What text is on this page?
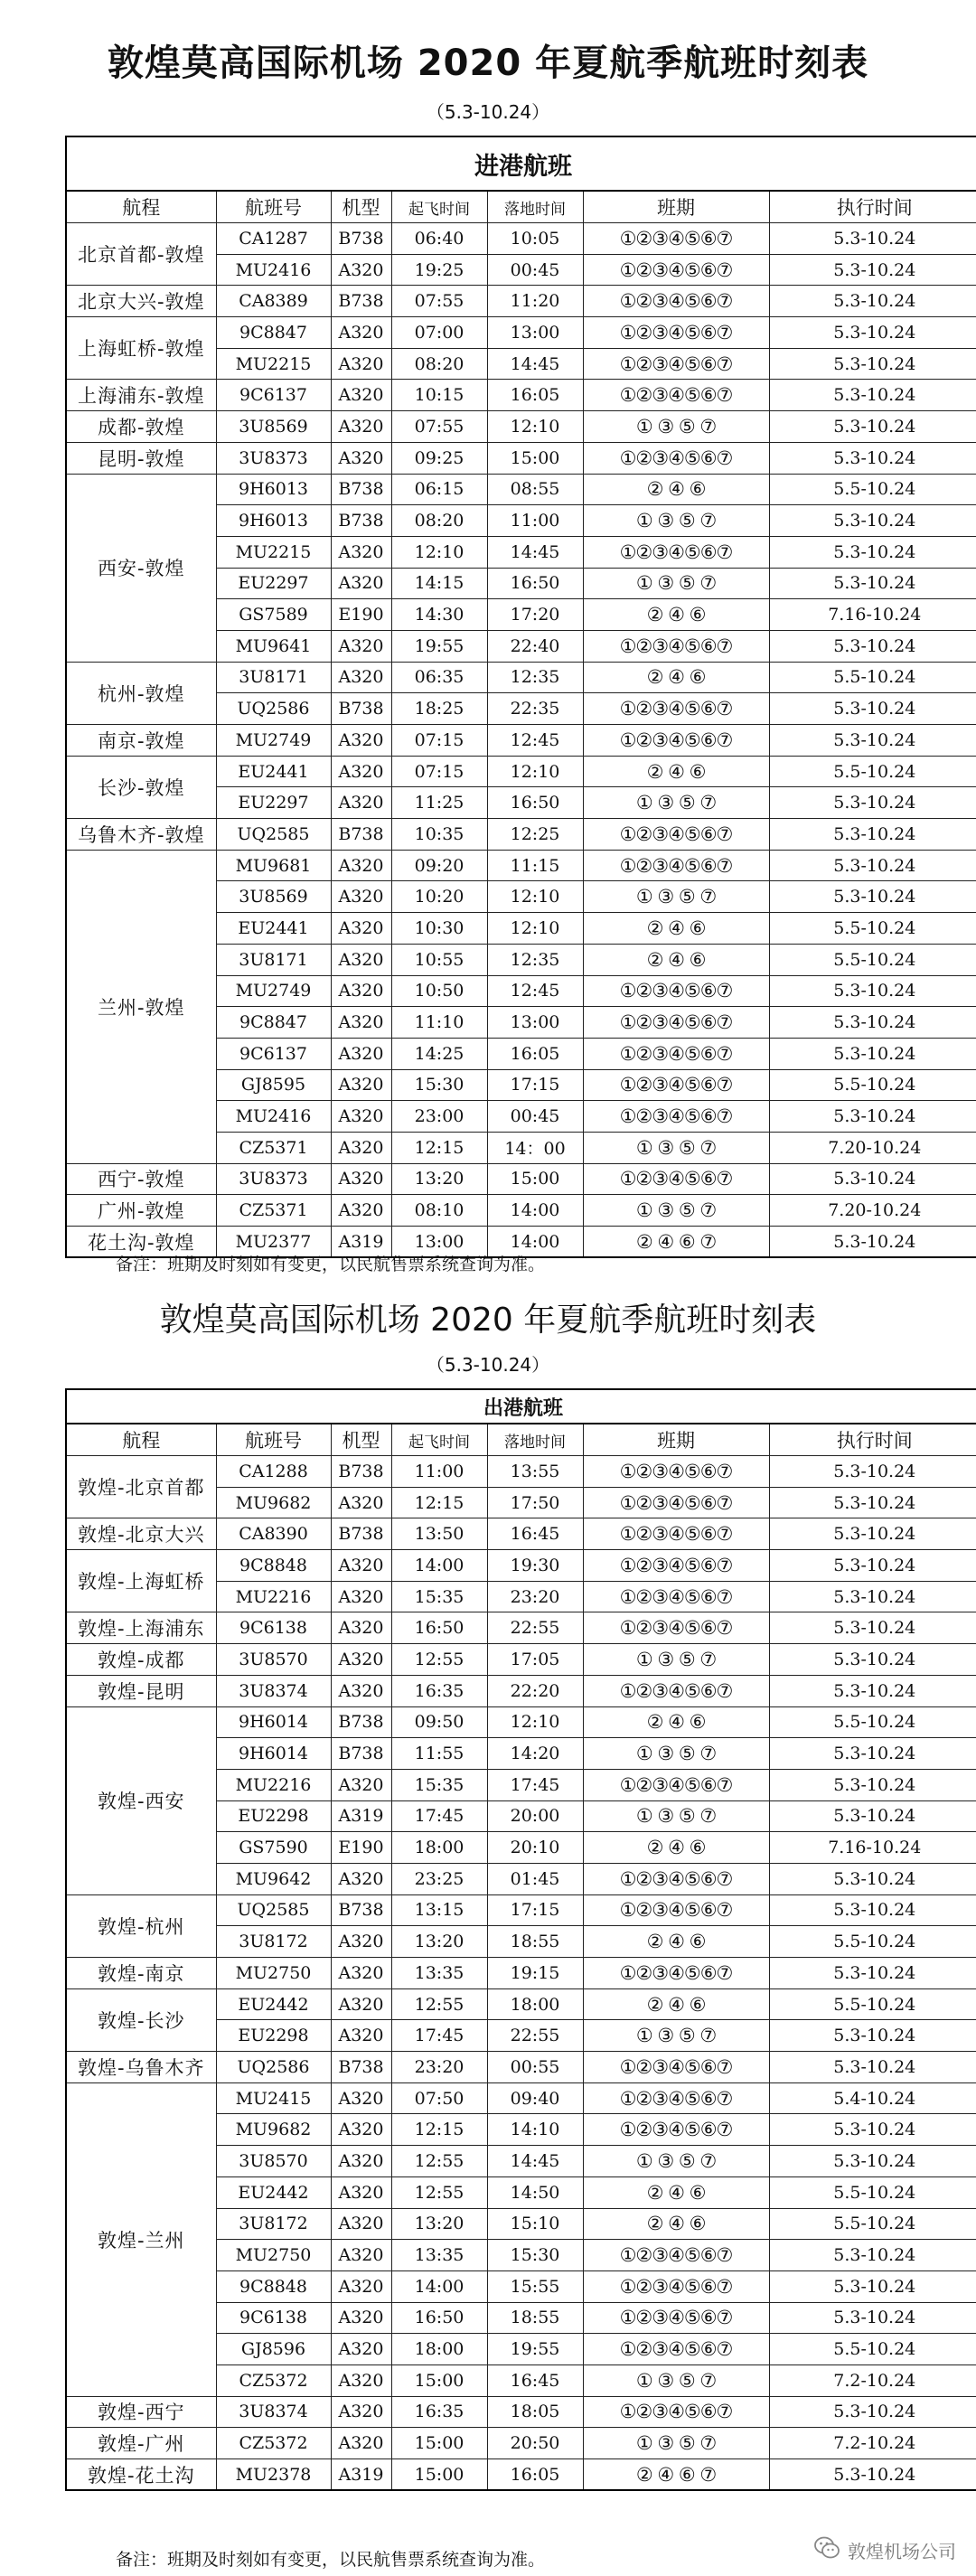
敦煌莫高国际机场 2020 年夏航季航班时刻表
（5.3-10.24）
进港航班						
航程	航班号	机型	起飞时间	落地时间	班期	执行时间
北京首都-敦煌	CA1287	B738	06:40	10:05	①②③④⑤⑥⑦	5.3-10.24
	MU2416	A320	19:25	00:45	①②③④⑤⑥⑦	5.3-10.24
北京大兴-敦煌	CA8389	B738	07:55	11:20	①②③④⑤⑥⑦	5.3-10.24
上海虹桥-敦煌	9C8847	A320	07:00	13:00	①②③④⑤⑥⑦	5.3-10.24
	MU2215	A320	08:20	14:45	①②③④⑤⑥⑦	5.3-10.24
上海浦东-敦煌	9C6137	A320	10:15	16:05	①②③④⑤⑥⑦	5.3-10.24
成都-敦煌	3U8569	A320	07:55	12:10	① ③ ⑤ ⑦	5.3-10.24
昆明-敦煌	3U8373	A320	09:25	15:00	①②③④⑤⑥⑦	5.3-10.24
西安-敦煌	9H6013	B738	06:15	08:55	② ④ ⑥	5.5-10.24
	9H6013	B738	08:20	11:00	① ③ ⑤ ⑦	5.3-10.24
	MU2215	A320	12:10	14:45	①②③④⑤⑥⑦	5.3-10.24
	EU2297	A320	14:15	16:50	① ③ ⑤ ⑦	5.3-10.24
	GS7589	E190	14:30	17:20	② ④ ⑥	7.16-10.24
	MU9641	A320	19:55	22:40	①②③④⑤⑥⑦	5.3-10.24
杭州-敦煌	3U8171	A320	06:35	12:35	② ④ ⑥	5.5-10.24
	UQ2586	B738	18:25	22:35	①②③④⑤⑥⑦	5.3-10.24
南京-敦煌	MU2749	A320	07:15	12:45	①②③④⑤⑥⑦	5.3-10.24
长沙-敦煌	EU2441	A320	07:15	12:10	② ④ ⑥	5.5-10.24
	EU2297	A320	11:25	16:50	① ③ ⑤ ⑦	5.3-10.24
乌鲁木齐-敦煌	UQ2585	B738	10:35	12:25	①②③④⑤⑥⑦	5.3-10.24
兰州-敦煌	MU9681	A320	09:20	11:15	①②③④⑤⑥⑦	5.3-10.24
	3U8569	A320	10:20	12:10	① ③ ⑤ ⑦	5.3-10.24
	EU2441	A320	10:30	12:10	② ④ ⑥	5.5-10.24
	3U8171	A320	10:55	12:35	② ④ ⑥	5.5-10.24
	MU2749	A320	10:50	12:45	①②③④⑤⑥⑦	5.3-10.24
	9C8847	A320	11:10	13:00	①②③④⑤⑥⑦	5.3-10.24
	9C6137	A320	14:25	16:05	①②③④⑤⑥⑦	5.3-10.24
	GJ8595	A320	15:30	17:15	①②③④⑤⑥⑦	5.5-10.24
	MU2416	A320	23:00	00:45	①②③④⑤⑥⑦	5.3-10.24
	CZ5371	A320	12:15	14：00	① ③ ⑤ ⑦	7.20-10.24
西宁-敦煌	3U8373	A320	13:20	15:00	①②③④⑤⑥⑦	5.3-10.24
广州-敦煌	CZ5371	A320	08:10	14:00	① ③ ⑤ ⑦	7.20-10.24
花土沟-敦煌	MU2377	A319	13:00	14:00	② ④ ⑥ ⑦	5.3-10.24
备注：班期及时刻如有变更，以民航售票系统查询为准。
敦煌莫高国际机场 2020 年夏航季航班时刻表
（5.3-10.24）
出港航班						
航程	航班号	机型	起飞时间	落地时间	班期	执行时间
敦煌-北京首都	CA1288	B738	11:00	13:55	①②③④⑤⑥⑦	5.3-10.24
	MU9682	A320	12:15	17:50	①②③④⑤⑥⑦	5.3-10.24
敦煌-北京大兴	CA8390	B738	13:50	16:45	①②③④⑤⑥⑦	5.3-10.24
敦煌-上海虹桥	9C8848	A320	14:00	19:30	①②③④⑤⑥⑦	5.3-10.24
	MU2216	A320	15:35	23:20	①②③④⑤⑥⑦	5.3-10.24
敦煌-上海浦东	9C6138	A320	16:50	22:55	①②③④⑤⑥⑦	5.3-10.24
敦煌-成都	3U8570	A320	12:55	17:05	① ③ ⑤ ⑦	5.3-10.24
敦煌-昆明	3U8374	A320	16:35	22:20	①②③④⑤⑥⑦	5.3-10.24
敦煌-西安	9H6014	B738	09:50	12:10	② ④ ⑥	5.5-10.24
	9H6014	B738	11:55	14:20	① ③ ⑤ ⑦	5.3-10.24
	MU2216	A320	15:35	17:45	①②③④⑤⑥⑦	5.3-10.24
	EU2298	A319	17:45	20:00	① ③ ⑤ ⑦	5.3-10.24
	GS7590	E190	18:00	20:10	② ④ ⑥	7.16-10.24
	MU9642	A320	23:25	01:45	①②③④⑤⑥⑦	5.3-10.24
敦煌-杭州	UQ2585	B738	13:15	17:15	①②③④⑤⑥⑦	5.3-10.24
	3U8172	A320	13:20	18:55	② ④ ⑥	5.5-10.24
敦煌-南京	MU2750	A320	13:35	19:15	①②③④⑤⑥⑦	5.3-10.24
敦煌-长沙	EU2442	A320	12:55	18:00	② ④ ⑥	5.5-10.24
	EU2298	A320	17:45	22:55	① ③ ⑤ ⑦	5.3-10.24
敦煌-乌鲁木齐	UQ2586	B738	23:20	00:55	①②③④⑤⑥⑦	5.3-10.24
敦煌-兰州	MU2415	A320	07:50	09:40	①②③④⑤⑥⑦	5.4-10.24
	MU9682	A320	12:15	14:10	①②③④⑤⑥⑦	5.3-10.24
	3U8570	A320	12:55	14:45	① ③ ⑤ ⑦	5.3-10.24
	EU2442	A320	12:55	14:50	② ④ ⑥	5.5-10.24
	3U8172	A320	13:20	15:10	② ④ ⑥	5.5-10.24
	MU2750	A320	13:35	15:30	①②③④⑤⑥⑦	5.3-10.24
	9C8848	A320	14:00	15:55	①②③④⑤⑥⑦	5.3-10.24
	9C6138	A320	16:50	18:55	①②③④⑤⑥⑦	5.3-10.24
	GJ8596	A320	18:00	19:55	①②③④⑤⑥⑦	5.5-10.24
	CZ5372	A320	15:00	16:45	① ③ ⑤ ⑦	7.2-10.24
敦煌-西宁	3U8374	A320	16:35	18:05	①②③④⑤⑥⑦	5.3-10.24
敦煌-广州	CZ5372	A320	15:00	20:50	① ③ ⑤ ⑦	7.2-10.24
敦煌-花土沟	MU2378	A319	15:00	16:05	② ④ ⑥ ⑦	5.3-10.24
备注：班期及时刻如有变更，以民航售票系统查询为准。	敦煌机场公司
